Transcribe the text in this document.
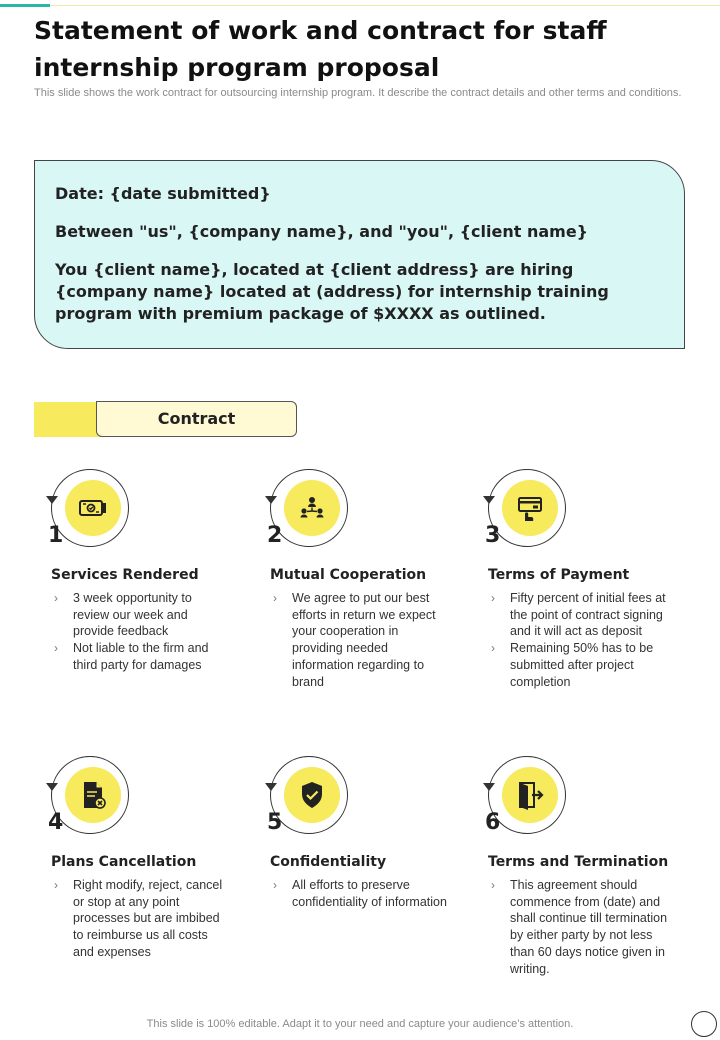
Statement of work and contract for staff internship program proposal
This slide shows the work contract for outsourcing internship program. It describe the contract details and other terms and conditions.

Date: {date submitted}

Between "us", {company name}, and "you", {client name}

You {client name}, located at {client address} are hiring {company name} located at (address) for internship training program with premium package of $XXXX as outlined.

Contract
1
Services Rendered
› 3 week opportunity to review our week and provide feedback
› Not liable to the firm and third party for damages
2
Mutual Cooperation
› We agree to put our best efforts in return we expect your cooperation in providing needed information regarding to brand
3
Terms of Payment
› Fifty percent of initial fees at the point of contract signing and it will act as deposit
› Remaining 50% has to be submitted after project completion
4
Plans Cancellation
› Right modify, reject, cancel or stop at any point processes but are imbibed to reimburse us all costs and expenses
5
Confidentiality
› All efforts to preserve confidentiality of information
6
Terms and Termination
› This agreement should commence from (date) and shall continue till termination by either party by not less than 60 days notice given in writing.
This slide is 100% editable. Adapt it to your need and capture your audience’s attention.
